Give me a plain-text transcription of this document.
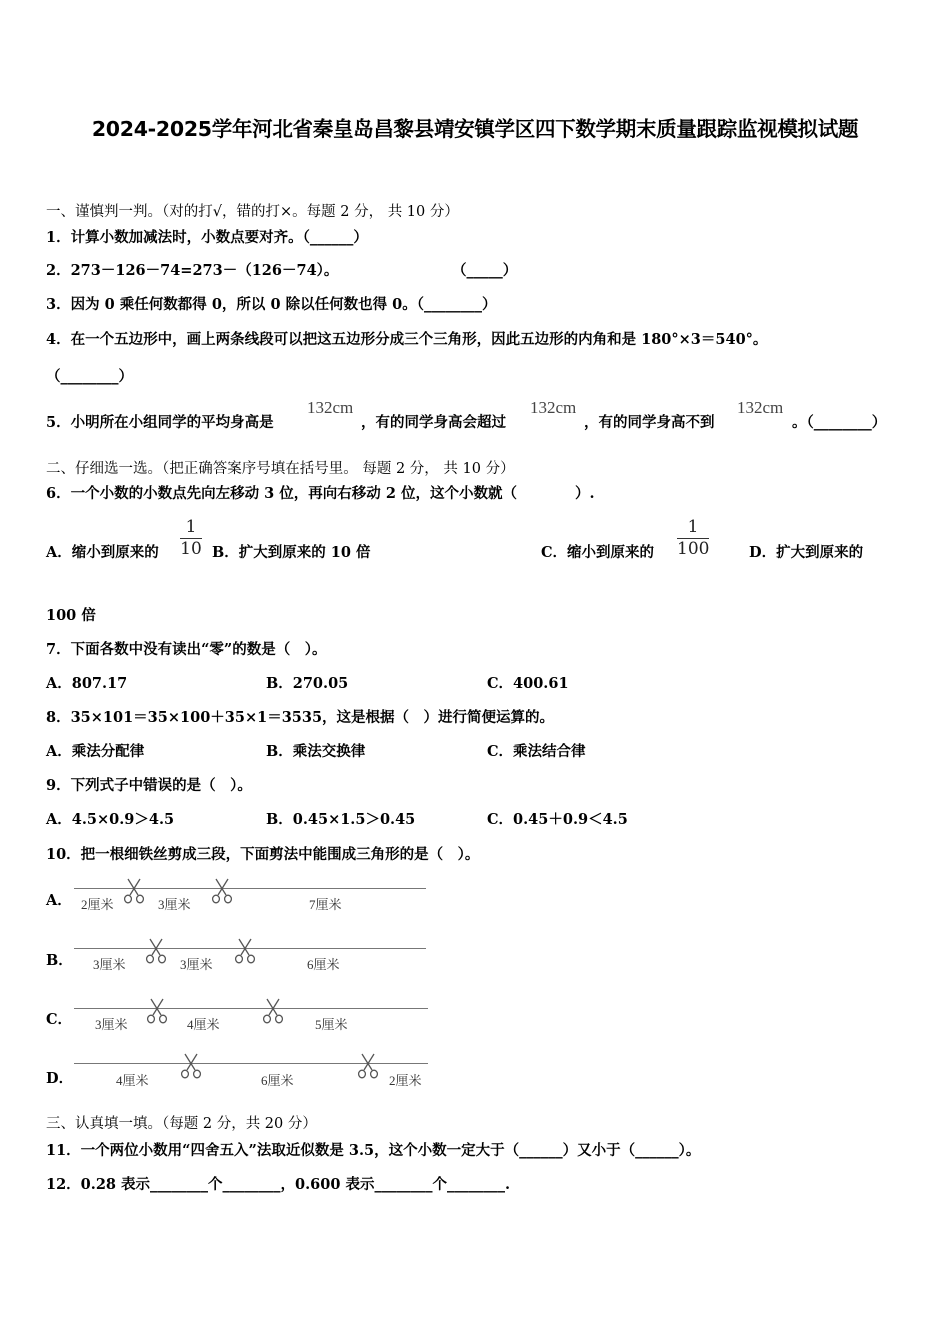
2024-2025学年河北省秦皇岛昌黎县靖安镇学区四下数学期末质量跟踪监视模拟试题
一、谨慎判一判。（对的打√，错的打×。每题 2 分， 共 10 分）
1．计算小数加减法时，小数点要对齐。（______）
2．273－126－74=273－（126－74）。	（_____）
3．因为 0 乘任何数都得 0，所以 0 除以任何数也得 0。（________）
4．在一个五边形中，画上两条线段可以把这五边形分成三个三角形，因此五边形的内角和是 180°×3＝540°。
（________）
5．小明所在小组同学的平均身高是
132cm
，有的同学身高会超过
132cm
，有的同学身高不到
132cm
。（________）
二、仔细选一选。（把正确答案序号填在括号里。 每题 2 分， 共 10 分）
6．一个小数的小数点先向左移动 3 位，再向右移动 2 位，这个小数就（　　　　）.
A．缩小到原来的
1
10 B．扩大到原来的 10 倍	C．缩小到原来的
1
100	D．扩大到原来的
100 倍
7．下面各数中没有读出“零”的数是（　）。
A．807.17	B．270.05	C．400.61
8．35×101＝35×100＋35×1＝3535，这是根据（　）进行简便运算的。
A．乘法分配律	B．乘法交换律	C．乘法结合律
9．下列式子中错误的是（　）。
A．4.5×0.9＞4.5	B．0.45×1.5＞0.45	C．0.45＋0.9＜4.5
10．把一根细铁丝剪成三段，下面剪法中能围成三角形的是（　）。
A． 2厘米	3厘米	7厘米
B． 3厘米	3厘米	6厘米
C． 3厘米	4厘米	5厘米
D．	4厘米	6厘米	2厘米
三、认真填一填。（每题 2 分，共 20 分）
11．一个两位小数用“四舍五入”法取近似数是 3.5，这个小数一定大于（______）又小于（______）。
12．0.28 表示________个________，0.600 表示________个________.
